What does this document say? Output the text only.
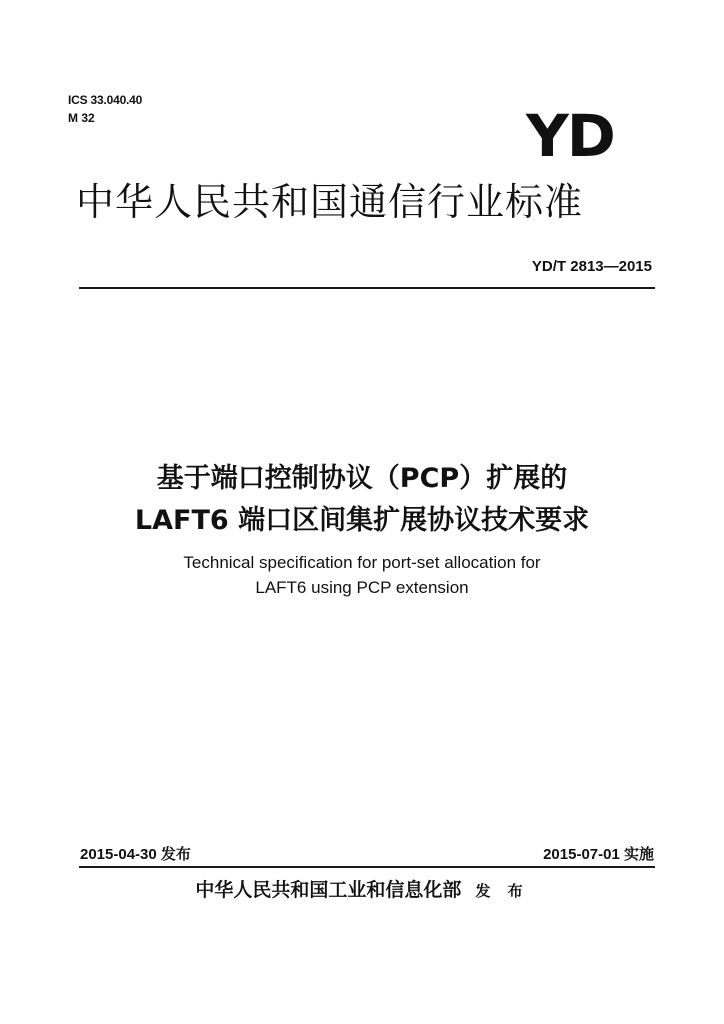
ICS 33.040.40
M 32	YD
中华人民共和国通信行业标准
YD/T 2813—2015
基于端口控制协议（PCP）扩展的
LAFT6 端口区间集扩展协议技术要求
Technical specification for port-set allocation for
LAFT6 using PCP extension
2015-04-30 发布	2015-07-01 实施
中华人民共和国工业和信息化部 发 布
